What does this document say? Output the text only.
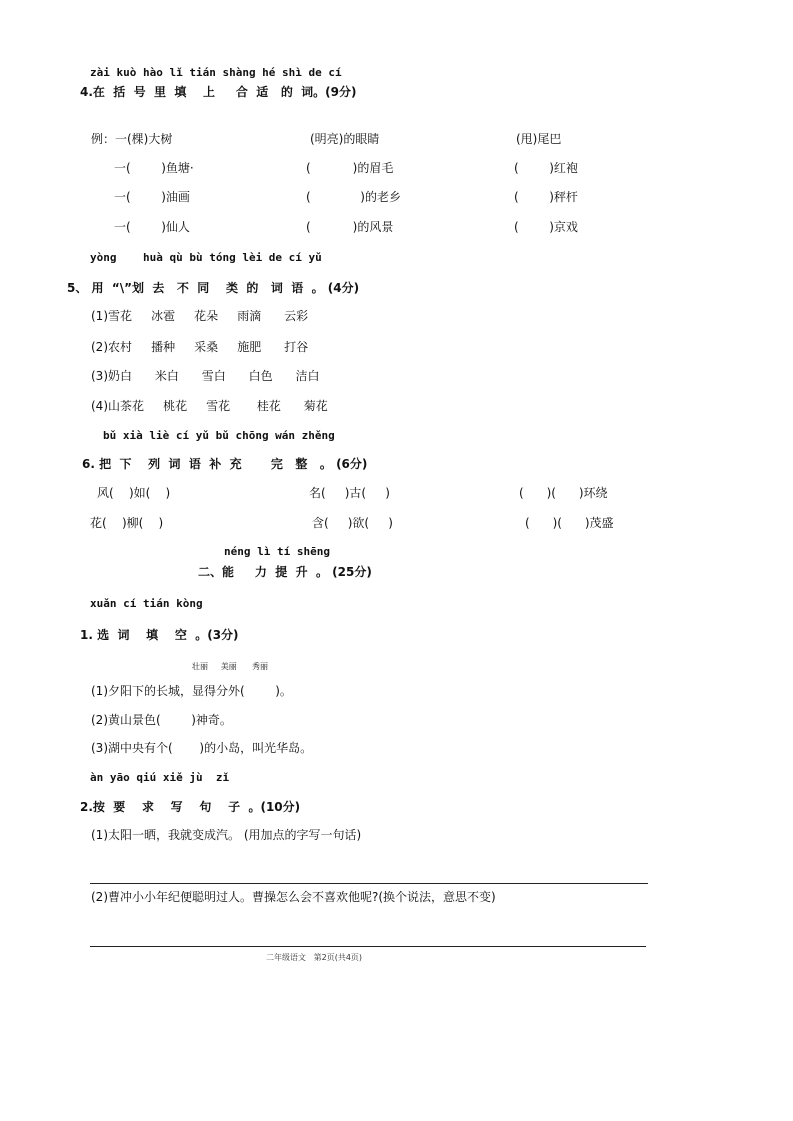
zài kuò hào lǐ tián shàng hé shì de cí
4.在  括  号  里  填    上     合  适   的  词。(9分)
例：一(棵)大树	(明亮)的眼睛	(甩)尾巴
一(        )鱼塘·	(           )的眉毛	(        )红袍
一(        )油画	(             )的老乡	(        )秤杆
一(        )仙人	(           )的风景	(        )京戏
yòng    huà qù bù tóng lèi de cí yǔ
5、 用  “\”划  去   不  同    类  的   词  语  。 (4分)
(1)雪花     冰雹     花朵     雨滴      云彩
(2)农村     播种     采桑     施肥      打谷
(3)奶白      米白      雪白      白色      洁白
(4)山茶花     桃花     雪花       桂花      菊花
bǔ xià liè cí yǔ bǔ chōng wán zhěng
6. 把  下    列  词  语  补  充       完   整   。 (6分)
风(    )如(    )	名(     )古(     )	(      )(      )环绕
花(    )柳(    )	含(     )欲(     )	(      )(      )茂盛
néng lì tí shēng
二、能     力  提  升  。 (25分)
xuǎn cí tián kòng
1. 选  词    填    空  。(3分)
壮丽     美丽      秀丽
(1)夕阳下的长城，显得分外(        )。
(2)黄山景色(        )神奇。
(3)湖中央有个(       )的小岛，叫光华岛。
àn yāo qiú xiě jù  zǐ
2.按  要    求    写    句    子  。(10分)
(1)太阳一晒，我就变成汽。 (用加点的字写一句话)
(2)曹冲小小年纪便聪明过人。曹操怎么会不喜欢他呢?(换个说法，意思不变)
二年级语文   第2页(共4页)
